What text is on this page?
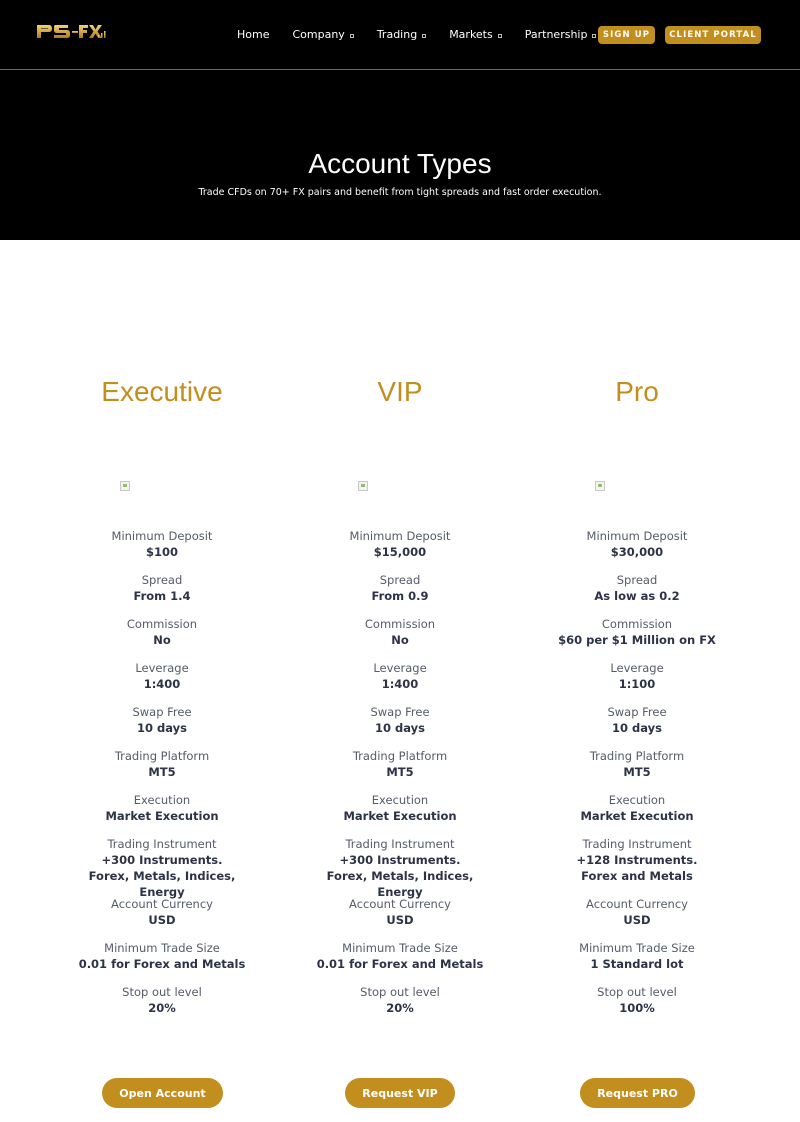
Home Company	Trading	Markets	Partnership	SIGN UP	CLIENT PORTAL
Account Types

Trade CFDs on 70+ FX pairs and benefit from tight spreads and fast order execution.

Executive
Minimum Deposit
$100
Spread
From 1.4
Commission
No
Leverage
1:400
Swap Free
10 days
Trading Platform
MT5
Execution
Market Execution
Trading Instrument
+300 Instruments. Forex, Metals, Indices, Energy
Account Currency
USD
Minimum Trade Size
0.01 for Forex and Metals
Stop out level
20%
Open Account
VIP
Minimum Deposit
$15,000
Spread
From 0.9
Commission
No
Leverage
1:400
Swap Free
10 days
Trading Platform
MT5
Execution
Market Execution
Trading Instrument
+300 Instruments. Forex, Metals, Indices, Energy
Account Currency
USD
Minimum Trade Size
0.01 for Forex and Metals
Stop out level
20%
Request VIP
Pro
Minimum Deposit
$30,000
Spread
As low as 0.2
Commission
$60 per $1 Million on FX
Leverage
1:100
Swap Free
10 days
Trading Platform
MT5
Execution
Market Execution
Trading Instrument
+128 Instruments. Forex and Metals
Account Currency
USD
Minimum Trade Size
1 Standard lot
Stop out level
100%
Request PRO
